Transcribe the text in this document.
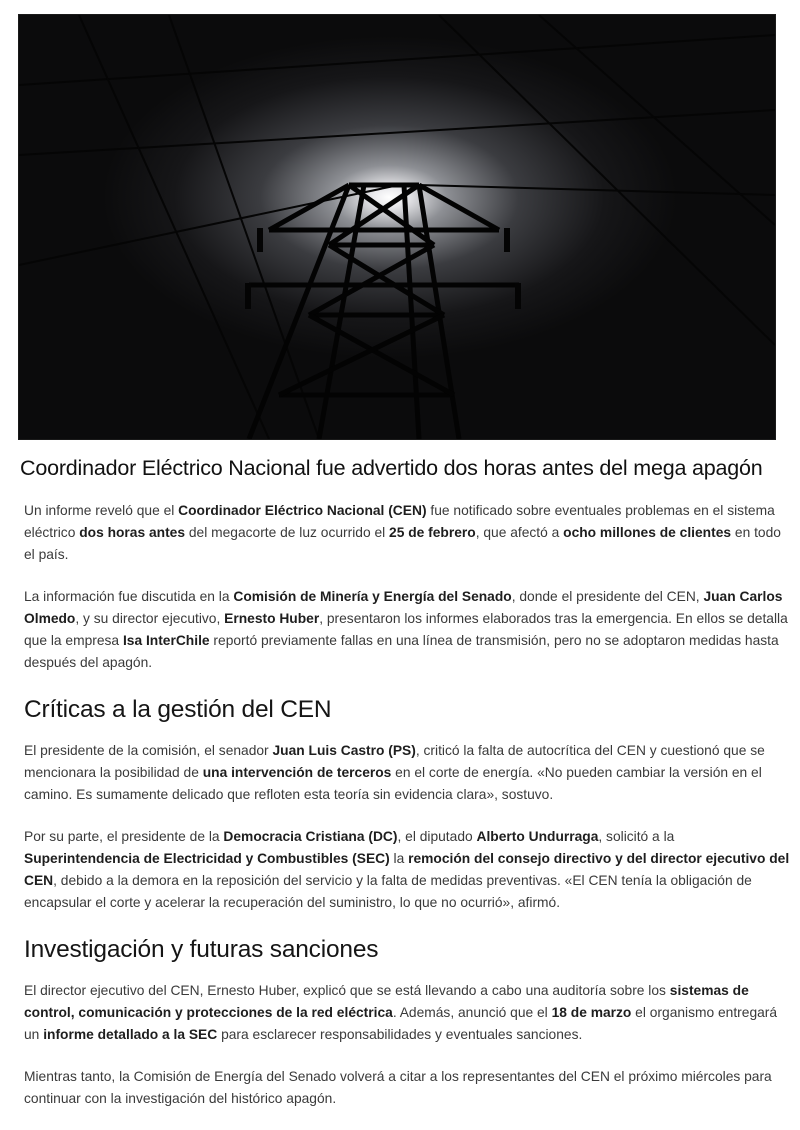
Coordinador Eléctrico Nacional fue advertido dos horas antes del mega apagón

Un informe reveló que el Coordinador Eléctrico Nacional (CEN) fue notificado sobre eventuales problemas en el sistema eléctrico dos horas antes del megacorte de luz ocurrido el 25 de febrero, que afectó a ocho millones de clientes en todo el país.

La información fue discutida en la Comisión de Minería y Energía del Senado, donde el presidente del CEN, Juan Carlos Olmedo, y su director ejecutivo, Ernesto Huber, presentaron los informes elaborados tras la emergencia. En ellos se detalla que la empresa Isa InterChile reportó previamente fallas en una línea de transmisión, pero no se adoptaron medidas hasta después del apagón.

Críticas a la gestión del CEN

El presidente de la comisión, el senador Juan Luis Castro (PS), criticó la falta de autocrítica del CEN y cuestionó que se mencionara la posibilidad de una intervención de terceros en el corte de energía. «No pueden cambiar la versión en el camino. Es sumamente delicado que refloten esta teoría sin evidencia clara», sostuvo.

Por su parte, el presidente de la Democracia Cristiana (DC), el diputado Alberto Undurraga, solicitó a la Superintendencia de Electricidad y Combustibles (SEC) la remoción del consejo directivo y del director ejecutivo del CEN, debido a la demora en la reposición del servicio y la falta de medidas preventivas. «El CEN tenía la obligación de encapsular el corte y acelerar la recuperación del suministro, lo que no ocurrió», afirmó.

Investigación y futuras sanciones

El director ejecutivo del CEN, Ernesto Huber, explicó que se está llevando a cabo una auditoría sobre los sistemas de control, comunicación y protecciones de la red eléctrica. Además, anunció que el 18 de marzo el organismo entregará un informe detallado a la SEC para esclarecer responsabilidades y eventuales sanciones.

Mientras tanto, la Comisión de Energía del Senado volverá a citar a los representantes del CEN el próximo miércoles para continuar con la investigación del histórico apagón.
